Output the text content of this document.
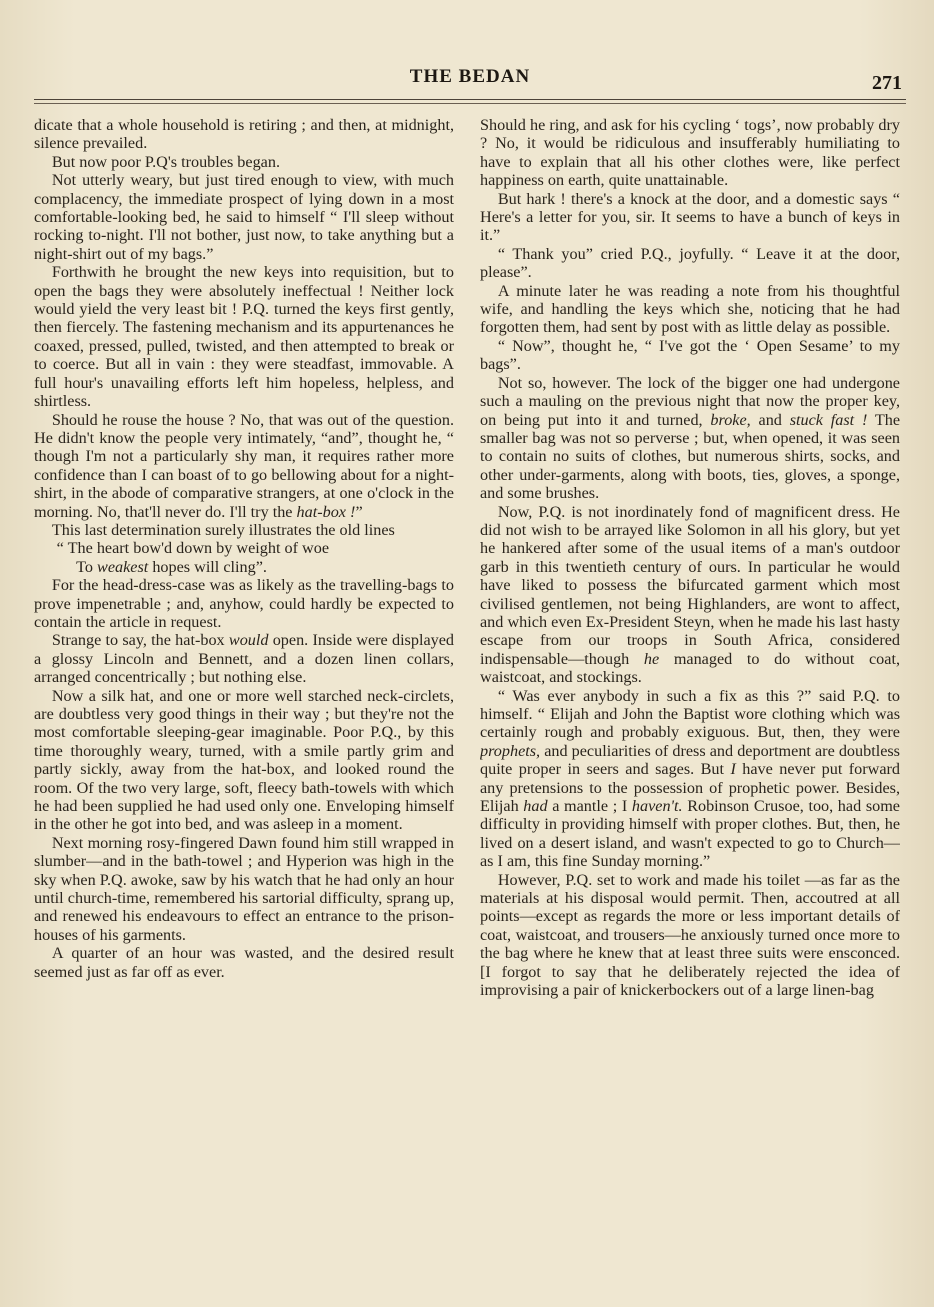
THE BEDAN	271

dicate that a whole household is retiring ; and then, at midnight, silence prevailed.

But now poor P.Q's troubles began.

Not utterly weary, but just tired enough to view, with much complacency, the immediate prospect of lying down in a most comfortable-looking bed, he said to himself “ I'll sleep without rocking to-night. I'll not bother, just now, to take anything but a night-shirt out of my bags.”

Forthwith he brought the new keys into requisition, but to open the bags they were absolutely ineffectual ! Neither lock would yield the very least bit ! P.Q. turned the keys first gently, then fiercely. The fastening mechanism and its appurtenances he coaxed, pressed, pulled, twisted, and then attempted to break or to coerce. But all in vain : they were steadfast, immovable. A full hour's unavailing efforts left him hopeless, helpless, and shirtless.

Should he rouse the house ? No, that was out of the question. He didn't know the people very intimately, “and”, thought he, “ though I'm not a particularly shy man, it requires rather more confidence than I can boast of to go bellowing about for a night-shirt, in the abode of comparative strangers, at one o'clock in the morning. No, that'll never do. I'll try the hat-box !”

This last determination surely illustrates the old lines

“ The heart bow'd down by weight of woe

To weakest hopes will cling”.

For the head-dress-case was as likely as the travelling-bags to prove impenetrable ; and, anyhow, could hardly be expected to contain the article in request.

Strange to say, the hat-box would open. Inside were displayed a glossy Lincoln and Bennett, and a dozen linen collars, arranged concentrically ; but nothing else.

Now a silk hat, and one or more well starched neck-circlets, are doubtless very good things in their way ; but they're not the most comfortable sleeping-gear imaginable. Poor P.Q., by this time thoroughly weary, turned, with a smile partly grim and partly sickly, away from the hat-box, and looked round the room. Of the two very large, soft, fleecy bath-towels with which he had been supplied he had used only one. Enveloping himself in the other he got into bed, and was asleep in a moment.

Next morning rosy-fingered Dawn found him still wrapped in slumber—and in the bath-towel ; and Hyperion was high in the sky when P.Q. awoke, saw by his watch that he had only an hour until church-time, remembered his sartorial difficulty, sprang up, and renewed his endeavours to effect an entrance to the prison-houses of his garments.

A quarter of an hour was wasted, and the desired result seemed just as far off as ever.

Should he ring, and ask for his cycling ‘ togs’, now probably dry ? No, it would be ridiculous and insufferably humiliating to have to explain that all his other clothes were, like perfect happiness on earth, quite unattainable.

But hark ! there's a knock at the door, and a domestic says “ Here's a letter for you, sir. It seems to have a bunch of keys in it.”

“ Thank you” cried P.Q., joyfully. “ Leave it at the door, please”.

A minute later he was reading a note from his thoughtful wife, and handling the keys which she, noticing that he had forgotten them, had sent by post with as little delay as possible.

“ Now”, thought he, “ I've got the ‘ Open Sesame’ to my bags”.

Not so, however. The lock of the bigger one had undergone such a mauling on the previous night that now the proper key, on being put into it and turned, broke, and stuck fast ! The smaller bag was not so perverse ; but, when opened, it was seen to contain no suits of clothes, but numerous shirts, socks, and other under-garments, along with boots, ties, gloves, a sponge, and some brushes.

Now, P.Q. is not inordinately fond of magnificent dress. He did not wish to be arrayed like Solomon in all his glory, but yet he hankered after some of the usual items of a man's outdoor garb in this twentieth century of ours. In particular he would have liked to possess the bifurcated garment which most civilised gentlemen, not being Highlanders, are wont to affect, and which even Ex-President Steyn, when he made his last hasty escape from our troops in South Africa, considered indispensable—though he managed to do without coat, waistcoat, and stockings.

“ Was ever anybody in such a fix as this ?” said P.Q. to himself. “ Elijah and John the Baptist wore clothing which was certainly rough and probably exiguous. But, then, they were prophets, and peculiarities of dress and deportment are doubtless quite proper in seers and sages. But I have never put forward any pretensions to the possession of prophetic power. Besides, Elijah had a mantle ; I haven't. Robinson Crusoe, too, had some difficulty in providing himself with proper clothes. But, then, he lived on a desert island, and wasn't expected to go to Church—as I am, this fine Sunday morning.”

However, P.Q. set to work and made his toilet —as far as the materials at his disposal would permit. Then, accoutred at all points—except as regards the more or less important details of coat, waistcoat, and trousers—he anxiously turned once more to the bag where he knew that at least three suits were ensconced. [I forgot to say that he deliberately rejected the idea of improvising a pair of knickerbockers out of a large linen-bag
